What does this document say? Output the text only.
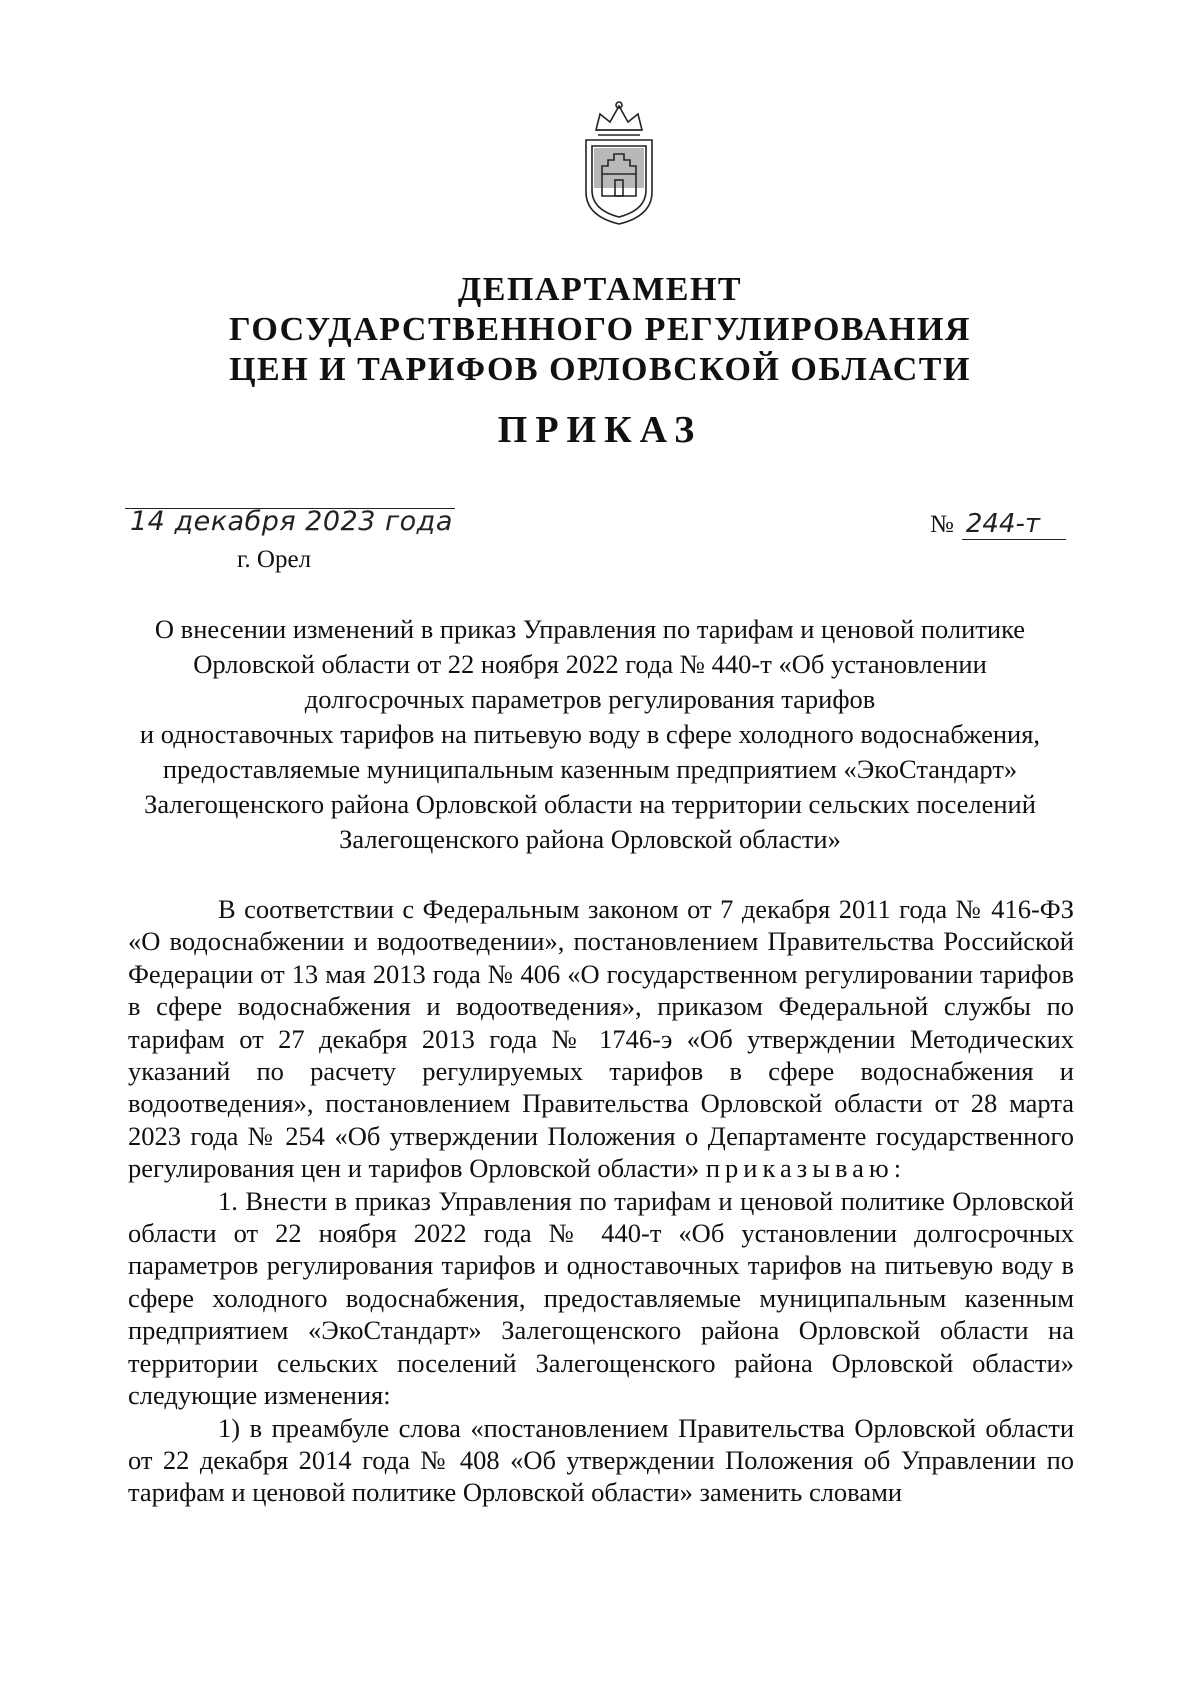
ДЕПАРТАМЕНТ
ГОСУДАРСТВЕННОГО РЕГУЛИРОВАНИЯ
ЦЕН И ТАРИФОВ ОРЛОВСКОЙ ОБЛАСТИ
ПРИКАЗ
14 декабря 2023 года
г. Орел
№ 244-т
О внесении изменений в приказ Управления по тарифам и ценовой политике
Орловской области от 22 ноября 2022 года № 440-т «Об установлении
долгосрочных параметров регулирования тарифов
и одноставочных тарифов на питьевую воду в сфере холодного водоснабжения,
предоставляемые муниципальным казенным предприятием «ЭкоСтандарт»
Залегощенского района Орловской области на территории сельских поселений
Залегощенского района Орловской области»

В соответствии с Федеральным законом от 7 декабря 2011 года № 416-ФЗ «О водоснабжении и водоотведении», постановлением Правительства Российской Федерации от 13 мая 2013 года № 406 «О государственном регулировании тарифов в сфере водоснабжения и водоотведения», приказом Федеральной службы по тарифам от 27 декабря 2013 года № 1746-э «Об утверждении Методических указаний по расчету регулируемых тарифов в сфере водоснабжения и водоотведения», постановлением Правительства Орловской области от 28 марта 2023 года № 254 «Об утверждении Положения о Департаменте государственного регулирования цен и тарифов Орловской области» приказываю:

1. Внести в приказ Управления по тарифам и ценовой политике Орловской области от 22 ноября 2022 года № 440-т «Об установлении долгосрочных параметров регулирования тарифов и одноставочных тарифов на питьевую воду в сфере холодного водоснабжения, предоставляемые муниципальным казенным предприятием «ЭкоСтандарт» Залегощенского района Орловской области на территории сельских поселений Залегощенского района Орловской области» следующие изменения:

1) в преамбуле слова «постановлением Правительства Орловской области от 22 декабря 2014 года № 408 «Об утверждении Положения об Управлении по тарифам и ценовой политике Орловской области» заменить словами
